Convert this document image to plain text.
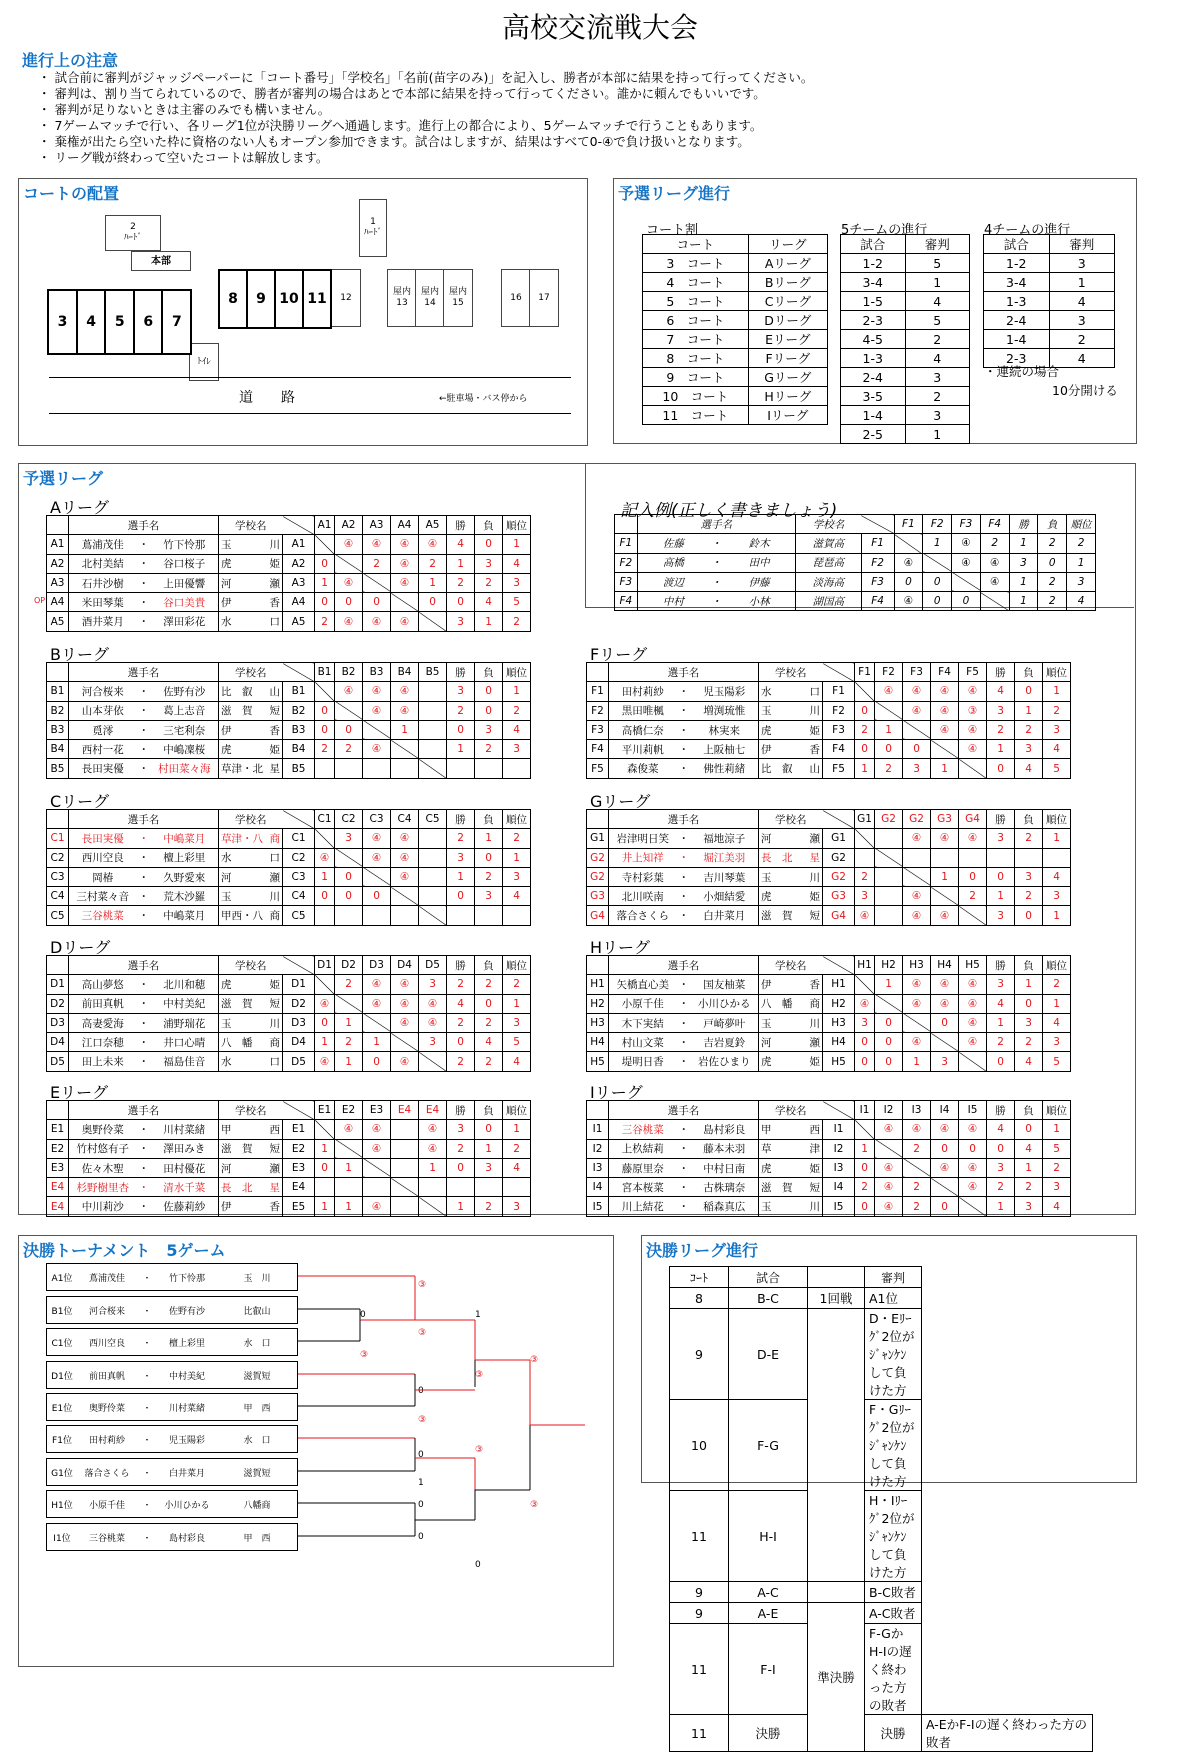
高校交流戦大会
進行上の注意
・ 試合前に審判がジャッジペーパーに「コート番号」「学校名」「名前(苗字のみ)」を記入し、勝者が本部に結果を持って行ってください。
・ 審判は、割り当てられているので、勝者が審判の場合はあとで本部に結果を持って行ってください。誰かに頼んでもいいです。
・ 審判が足りないときは主審のみでも構いません。
・ 7ゲームマッチで行い、各リーグ1位が決勝リーグへ通過します。進行上の都合により、5ゲームマッチで行うこともあります。
・ 棄権が出たら空いた枠に資格のない人もオープン参加できます。試合はしますが、結果はすべて0-④で負け扱いとなります。
・ リーグ戦が終わって空いたコートは解放します。
コートの配置
2
ﾊｰﾄﾞ
本部
1
ﾊｰﾄﾞ
12
屋内
13
屋内
14
屋内
15
16	17
ﾄｲﾚ
道　　路	←駐車場・バス停から
3	4	5	6	7
8	9 10 11
予選リーグ進行
コート割
コート	リーグ
3　コート	Aリーグ
4　コート	Bリーグ
5　コート	Cリーグ
6　コート	Dリーグ
7　コート	Eリーグ
8　コート	Fリーグ
9　コート	Gリーグ
10　コート	Hリーグ
11　コート	Iリーグ
5チームの進行
試合	審判
1-2	5
3-4	1
1-5	4
2-3	5
4-5	2
1-3	4
2-4	3
3-5	2
1-4	3
2-5	1
4チームの進行
試合	審判
1-2	3
3-4	1
1-3	4
2-4	3
1-4	2
2-3	4
・連続の場合
10分開ける
予選リーグ
Aリーグ
OP
	選手名			学校名		A1	A2	A3	A4	A5	勝	負	順位
A1	蔦浦茂佳	・	竹下怜那	玉 川	A1		④	④	④	④	4	0	1
A2	北村美結	・	谷口桜子	虎 姫	A2	0		2	④	2	1	3	4
A3	石井沙樹	・	上田優響	河 瀬	A3	1	④		④	1	2	2	3
A4	米田琴葉	・	谷口美貴	伊 香	A4	0	0	0		0	0	4	5
A5	酒井菜月	・	澤田彩花	水 口	A5	2	④	④	④		3	1	2
Bリーグ
	選手名			学校名		B1	B2	B3	B4	B5	勝	負	順位
B1	河合桜来	・	佐野有沙	比　叡 山	B1		④	④	④		3	0	1
B2	山本芽依	・	葛上志音	滋　賀 短	B2	0		④	④		2	0	2
B3	覓澪	・	三宅利奈	伊 香	B3	0	0		1		0	3	4
B4	西村一花	・	中嶋凜桜	虎 姫	B4	2	2	④			1	2	3
B5	長田実優	・	村田菜々海	草津・北 星	B5								
Cリーグ
	選手名			学校名		C1	C2	C3	C4	C5	勝	負	順位
C1	長田実優	・	中嶋菜月	草津・八 商	C1		3	④	④		2	1	2
C2	西川空良	・	檀上彩里	水 口	C2	④		④	④		3	0	1
C3	岡椿	・	久野愛來	河 瀬	C3	1	0		④		1	2	3
C4	三村菜々音	・	荒木沙羅	玉 川	C4	0	0	0			0	3	4
C5	三谷桃菜	・	中嶋菜月	甲西・八 商	C5								
Dリーグ
	選手名			学校名		D1	D2	D3	D4	D5	勝	負	順位
D1	高山夢悠	・	北川和穂	虎 姫	D1		2	④	④	3	2	2	2
D2	前田真帆	・	中村美紀	滋　賀 短	D2	④		④	④	④	4	0	1
D3	高妻愛海	・	浦野瑞花	玉 川	D3	0	1		④	④	2	2	3
D4	江口奈穂	・	井口心晴	八　幡 商	D4	1	2	1		3	0	4	5
D5	田上未来	・	福島佳音	水 口	D5	④	1	0	④		2	2	4
Eリーグ
	選手名			学校名		E1	E2	E3	E4	E4	勝	負	順位
E1	奥野伶菜	・	川村菜緒	甲 西	E1		④	④		④	3	0	1
E2	竹村悠有子	・	澤田みき	滋　賀 短	E2	1		④		④	2	1	2
E3	佐々木聖	・	田村優花	河 瀬	E3	0	1			1	0	3	4
E4	杉野樹里杏	・	清水千菜	長　北 星	E4								
E4	中川莉沙	・	佐藤莉紗	伊 香	E5	1	1	④			1	2	3
Fリーグ
	選手名			学校名		F1	F2	F3	F4	F5	勝	負	順位
F1	田村莉紗	・	児玉陽彩	水 口	F1		④	④	④	④	4	0	1
F2	黒田唯楓	・	増渕琉惟	玉 川	F2	0		④	④	③	3	1	2
F3	高橋仁奈	・	林実来	虎 姫	F3	2	1		④	④	2	2	3
F4	平川莉帆	・	上阪柚七	伊 香	F4	0	0	0		④	1	3	4
F5	森俊菜	・	佛性莉緒	比　叡 山	F5	1	2	3	1		0	4	5
Gリーグ
	選手名			学校名		G1	G2	G2	G3	G4	勝	負	順位
G1	岩津明日笑	・	福地涼子	河 瀬	G1			④	④	④	3	2	1
G2	井上知祥	・	堀江美羽	長　北 星	G2								
G2	寺村彩葉	・	吉川琴葉	玉 川	G2	2			1	0	0	3	4
G3	北川咲南	・	小畑結愛	虎 姫	G3	3		④		2	1	2	3
G4	落合さくら	・	白井菜月	滋　賀 短	G4	④		④	④		3	0	1
Hリーグ
	選手名			学校名		H1	H2	H3	H4	H5	勝	負	順位
H1	矢橋直心美	・	国友柚菜	伊 香	H1		1	④	④	④	3	1	2
H2	小原千佳	・	小川ひかる	八　幡 商	H2	④		④	④	④	4	0	1
H3	木下実結	・	戸崎夢叶	玉 川	H3	3	0		0	④	1	3	4
H4	村山文菜	・	吉岩夏鈴	河 瀬	H4	0	0	④		④	2	2	3
H5	堤明日香	・	岩佐ひまり	虎 姫	H5	0	0	1	3		0	4	5
Iリーグ
	選手名			学校名		I1	I2	I3	I4	I5	勝	負	順位
I1	三谷桃菜	・	島村彩良	甲 西	I1		④	④	④	④	4	0	1
I2	上杦結莉	・	藤本未羽	草 津	I2	1		2	0	0	0	4	5
I3	藤原里奈	・	中村日南	虎 姫	I3	0	④		④	④	3	1	2
I4	宮本桜菜	・	古株璃奈	滋　賀 短	I4	2	④	2		④	2	2	3
I5	川上結花	・	稲森真広	玉 川	I5	0	④	2	0		1	3	4
記入例(正しく書きましょう)
	選手名			学校名		F1	F2	F3	F4	勝	負	順位
F1	佐藤	・	鈴木	滋賀高	F1		1	④	2	1	2	2
F2	高橋	・	田中	琵琶高	F2	④		④	④	3	0	1
F3	渡辺	・	伊藤	淡海高	F3	0	0		④	1	2	3
F4	中村	・	小林	湖国高	F4	④	0	0		1	2	4
決勝トーナメント　5ゲーム
A1位	蔦浦茂佳	・	竹下怜那	玉　川
B1位	河合桜来	・	佐野有沙	比叡山
C1位	西川空良	・	檀上彩里	水　口
D1位	前田真帆	・	中村美紀	滋賀短
E1位	奥野伶菜	・	川村菜緒	甲　西
F1位	田村莉紗	・	児玉陽彩	水　口
G1位	落合さくら	・	白井菜月	滋賀短
H1位	小原千佳	・	小川ひかる	八幡商
I1位	三谷桃菜	・	島村彩良	甲　西
③
0
③
1
0
③
③
0	③
③
1
0
0
③
③
0
決勝リーグ進行
ｺｰﾄ	試合		審判	
8	B-C	1回戦	A1位	
9	D-E		D・Eﾘｰｸﾞ2位がｼﾞｬﾝｹﾝして負けた方	
10	F-G		F・Gﾘｰｸﾞ2位がｼﾞｬﾝｹﾝして負けた方	
11	H-I		H・Iﾘｰｸﾞ2位がｼﾞｬﾝｹﾝして負けた方	
9	A-C		B-C敗者	
9	A-E	準決勝	A-C敗者	
11	F-I		F-GかH-Iの遅く終わった方の敗者	
11	決勝		決勝	A-EかF-Iの遅く終わった方の敗者
